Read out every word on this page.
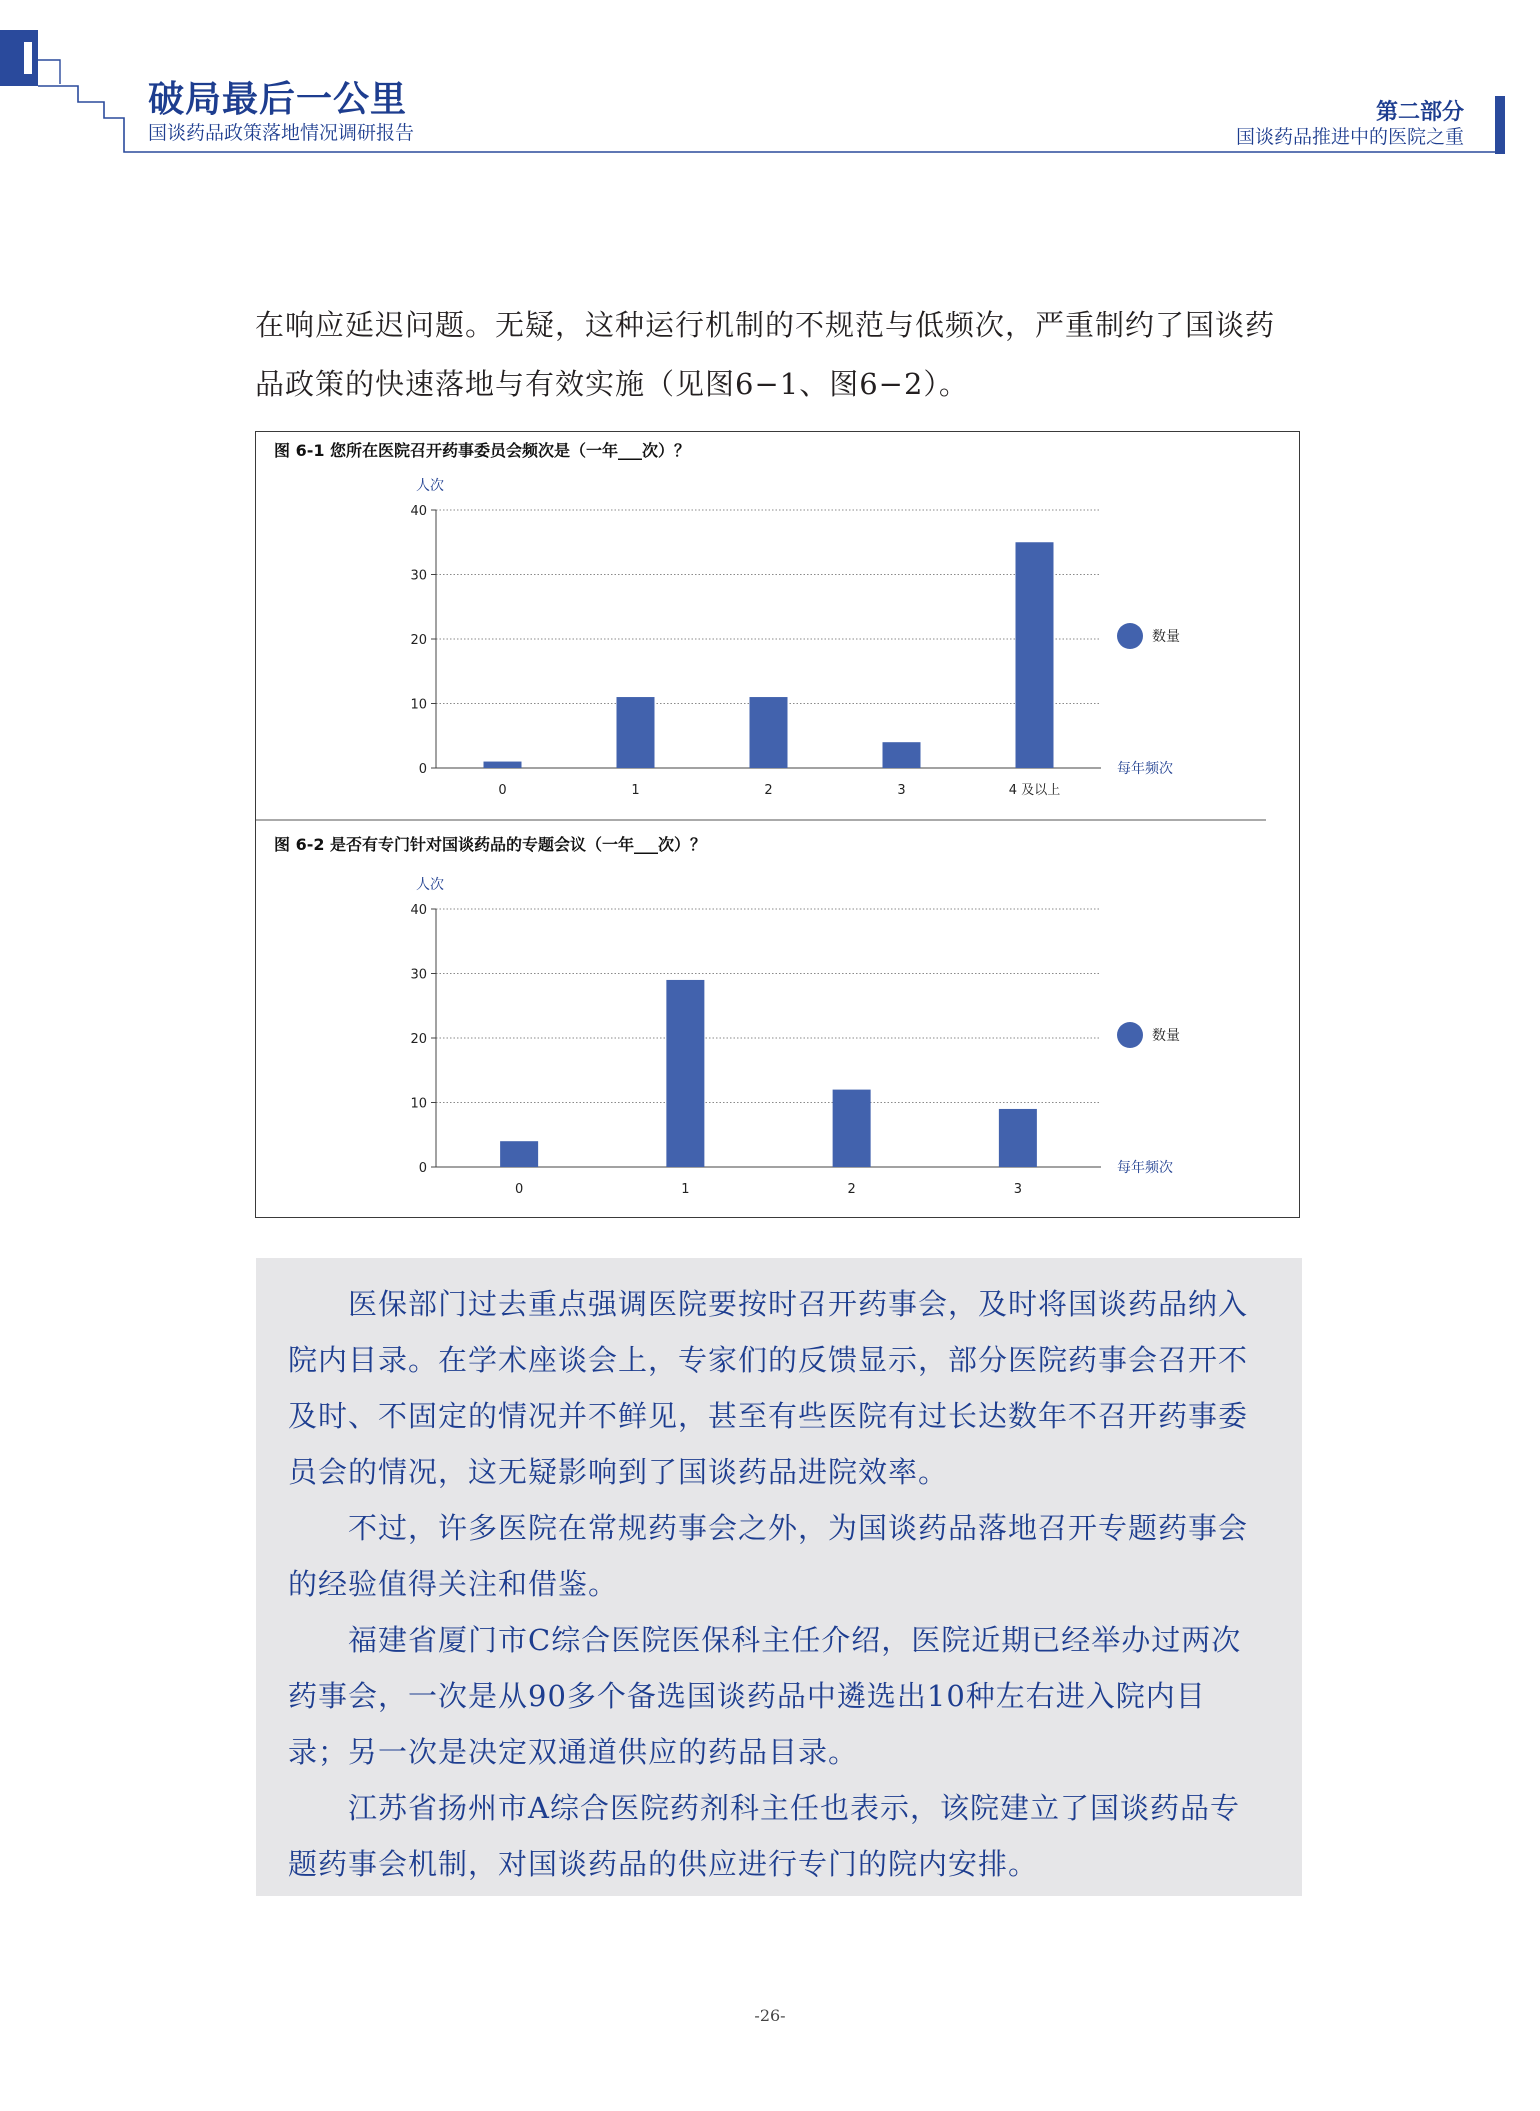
破局最后一公里
国谈药品政策落地情况调研报告
第二部分
国谈药品推进中的医院之重

在响应延迟问题。无疑，这种运行机制的不规范与低频次，严重制约了国谈药

品政策的快速落地与有效实施（见图6−1、图6−2）。

图 6-1 您所在医院召开药事委员会频次是（一年___次）？
人次
0
10
20
30
40
每年频次
0	1	2	3	4 及以上
数量
图 6-2 是否有专门针对国谈药品的专题会议（一年___次）？
人次
0
10
20
30
40
每年频次
0	1	2	3
数量

医保部门过去重点强调医院要按时召开药事会，及时将国谈药品纳入院内目录。在学术座谈会上，专家们的反馈显示，部分医院药事会召开不及时、不固定的情况并不鲜见，甚至有些医院有过长达数年不召开药事委员会的情况，这无疑影响到了国谈药品进院效率。

不过，许多医院在常规药事会之外，为国谈药品落地召开专题药事会的经验值得关注和借鉴。

福建省厦门市C综合医院医保科主任介绍，医院近期已经举办过两次药事会，一次是从90多个备选国谈药品中遴选出10种左右进入院内目录；另一次是决定双通道供应的药品目录。

江苏省扬州市A综合医院药剂科主任也表示，该院建立了国谈药品专题药事会机制，对国谈药品的供应进行专门的院内安排。

-26-
